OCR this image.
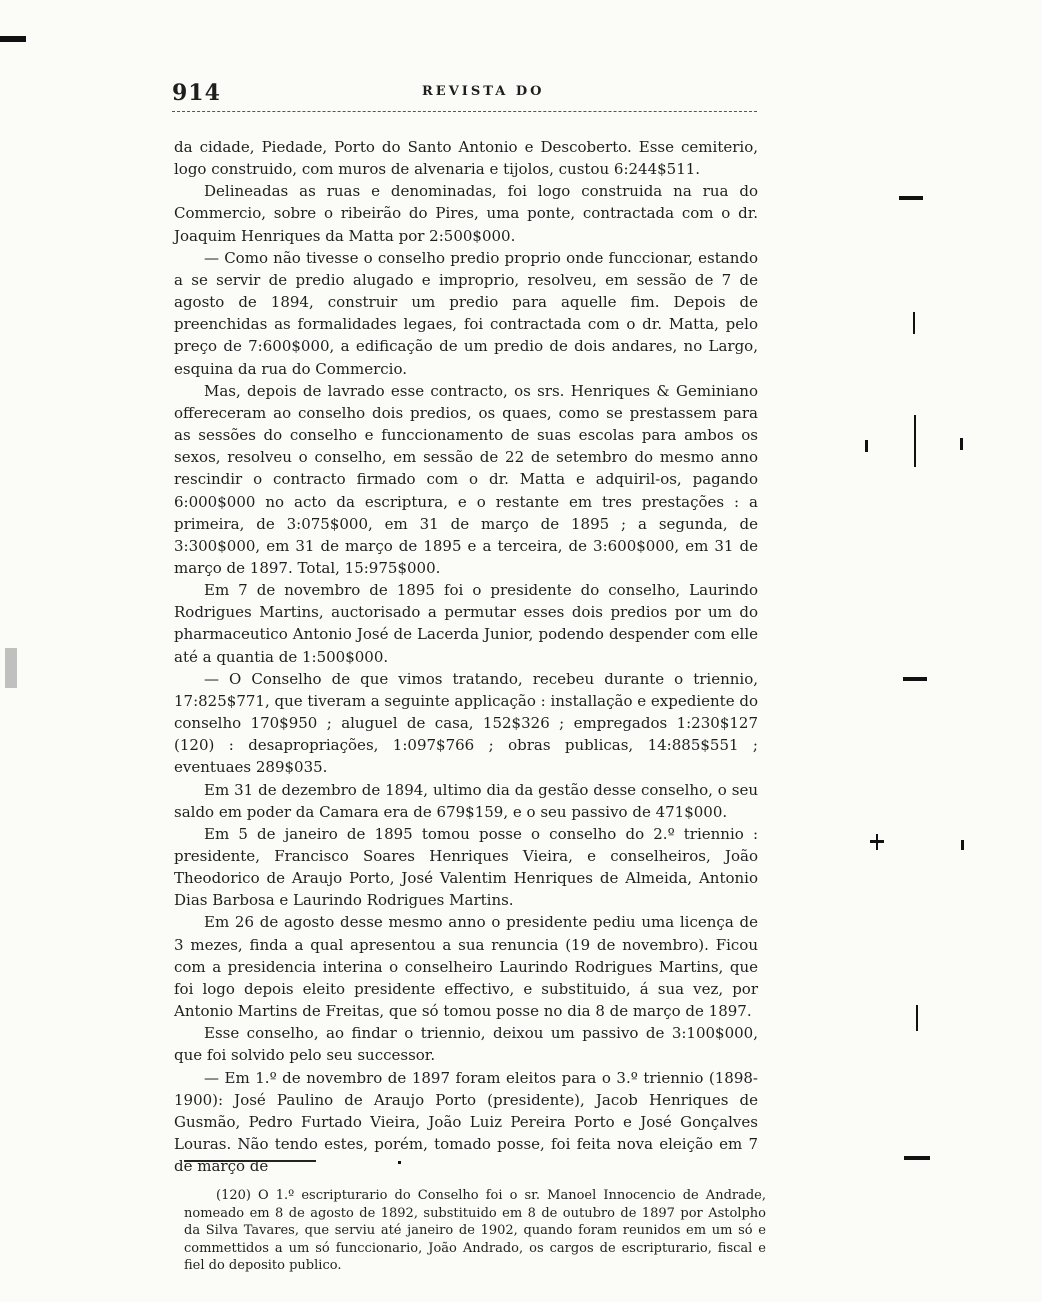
914	REVISTA DO

da cidade, Piedade, Porto do Santo Antonio e Descoberto. Esse cemiterio, logo construido, com muros de alvenaria e tijolos, custou 6:244$511.

Delineadas as ruas e denominadas, foi logo construida na rua do Commercio, sobre o ribeirão do Pires, uma ponte, contractada com o dr. Joaquim Henriques da Matta por 2:500$000.

— Como não tivesse o conselho predio proprio onde funccionar, estando a se servir de predio alugado e improprio, resolveu, em sessão de 7 de agosto de 1894, construir um predio para aquelle fim. Depois de preenchidas as formalidades legaes, foi contractada com o dr. Matta, pelo preço de 7:600$000, a edificação de um predio de dois andares, no Largo, esquina da rua do Commercio.

Mas, depois de lavrado esse contracto, os srs. Henriques & Geminiano offereceram ao conselho dois predios, os quaes, como se prestassem para as sessões do conselho e funccionamento de suas escolas para ambos os sexos, resolveu o conselho, em sessão de 22 de setembro do mesmo anno rescindir o contracto firmado com o dr. Matta e adquiril-os, pagando 6:000$000 no acto da escriptura, e o restante em tres prestações : a primeira, de 3:075$000, em 31 de março de 1895 ; a segunda, de 3:300$000, em 31 de março de 1895 e a terceira, de 3:600$000, em 31 de março de 1897. Total, 15:975$000.

Em 7 de novembro de 1895 foi o presidente do conselho, Laurindo Rodrigues Martins, auctorisado a permutar esses dois predios por um do pharmaceutico Antonio José de Lacerda Junior, podendo despender com elle até a quantia de 1:500$000.

— O Conselho de que vimos tratando, recebeu durante o triennio, 17:825$771, que tiveram a seguinte applicação : installação e expediente do conselho 170$950 ; aluguel de casa, 152$326 ; empregados 1:230$127 (120) : desapropriações, 1:097$766 ; obras publicas, 14:885$551 ; eventuaes 289$035.

Em 31 de dezembro de 1894, ultimo dia da gestão desse conselho, o seu saldo em poder da Camara era de 679$159, e o seu passivo de 471$000.

Em 5 de janeiro de 1895 tomou posse o conselho do 2.º triennio : presidente, Francisco Soares Henriques Vieira, e conselheiros, João Theodorico de Araujo Porto, José Valentim Henriques de Almeida, Antonio Dias Barbosa e Laurindo Rodrigues Martins.

Em 26 de agosto desse mesmo anno o presidente pediu uma licença de 3 mezes, finda a qual apresentou a sua renuncia (19 de novembro). Ficou com a presidencia interina o conselheiro Laurindo Rodrigues Martins, que foi logo depois eleito presidente effectivo, e substituido, á sua vez, por Antonio Martins de Freitas, que só tomou posse no dia 8 de março de 1897.

Esse conselho, ao findar o triennio, deixou um passivo de 3:100$000, que foi solvido pelo seu successor.

— Em 1.º de novembro de 1897 foram eleitos para o 3.º triennio (1898-1900): José Paulino de Araujo Porto (presidente), Jacob Henriques de Gusmão, Pedro Furtado Vieira, João Luiz Pereira Porto e José Gonçalves Louras. Não tendo estes, porém, tomado posse, foi feita nova eleição em 7 de março de

(120) O 1.º escripturario do Conselho foi o sr. Manoel Innocencio de Andrade, nomeado em 8 de agosto de 1892, substituido em 8 de outubro de 1897 por Astolpho da Silva Tavares, que serviu até janeiro de 1902, quando foram reunidos em um só e commettidos a um só funccionario, João Andrado, os cargos de escripturario, fiscal e fiel do deposito publico.
